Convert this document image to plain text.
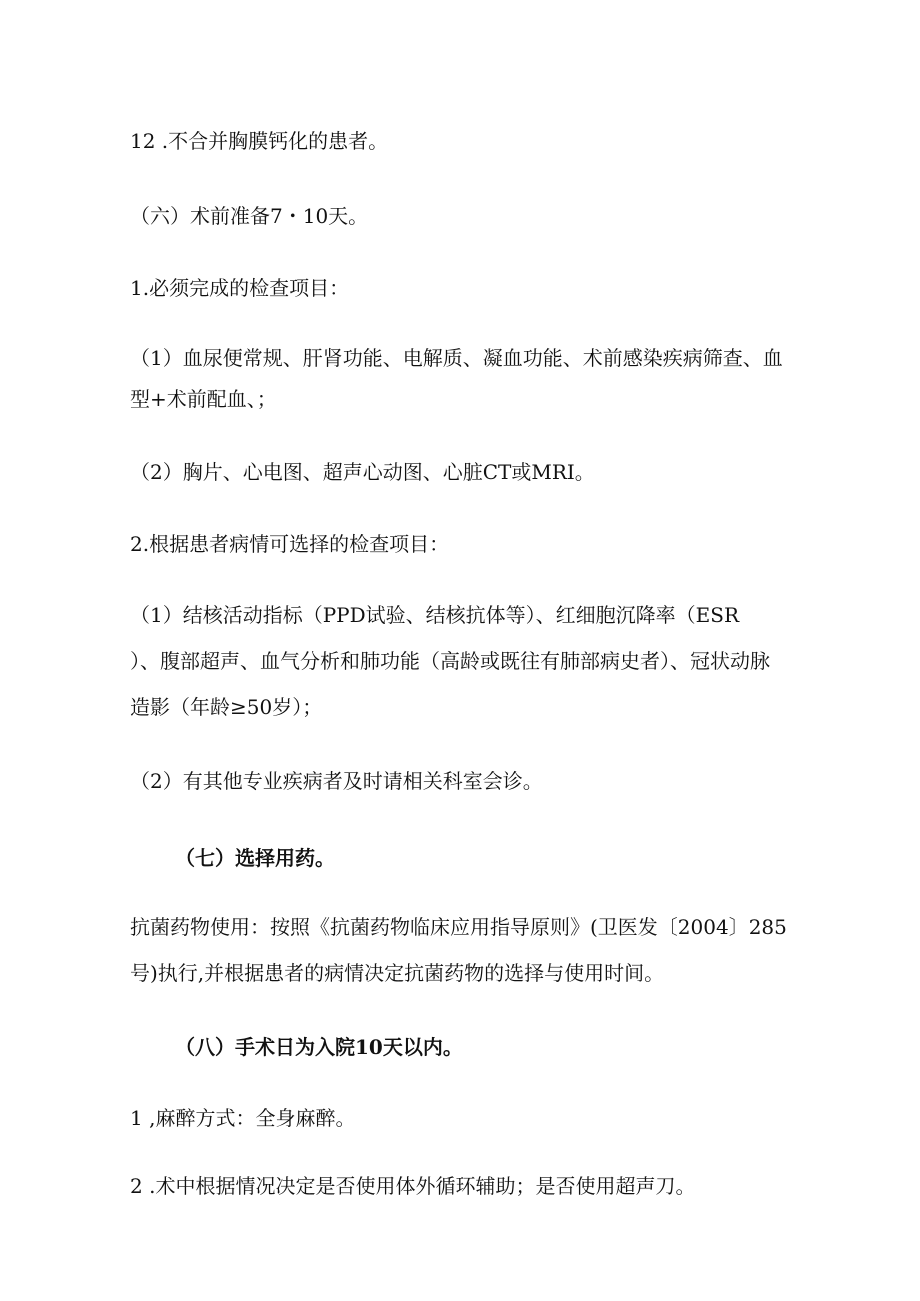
12 .不合并胸膜钙化的患者。

（六）术前准备7・10天。

1.必须完成的检查项目：

（1）血尿便常规、肝肾功能、电解质、凝血功能、术前感染疾病筛查、血

型+术前配血、；

（2）胸片、心电图、超声心动图、心脏CT或MRI。

2.根据患者病情可选择的检查项目：

（1）结核活动指标（PPD试验、结核抗体等）、红细胞沉降率（ESR

）、腹部超声、血气分析和肺功能（高龄或既往有肺部病史者）、冠状动脉

造影（年龄≥50岁）；

（2）有其他专业疾病者及时请相关科室会诊。

（七）选择用药。

抗菌药物使用：按照《抗菌药物临床应用指导原则》(卫医发〔2004〕285

号)执行,并根据患者的病情决定抗菌药物的选择与使用时间。

（八）手术日为入院10天以内。

1 ,麻醉方式：全身麻醉。

2 .术中根据情况决定是否使用体外循环辅助；是否使用超声刀。
